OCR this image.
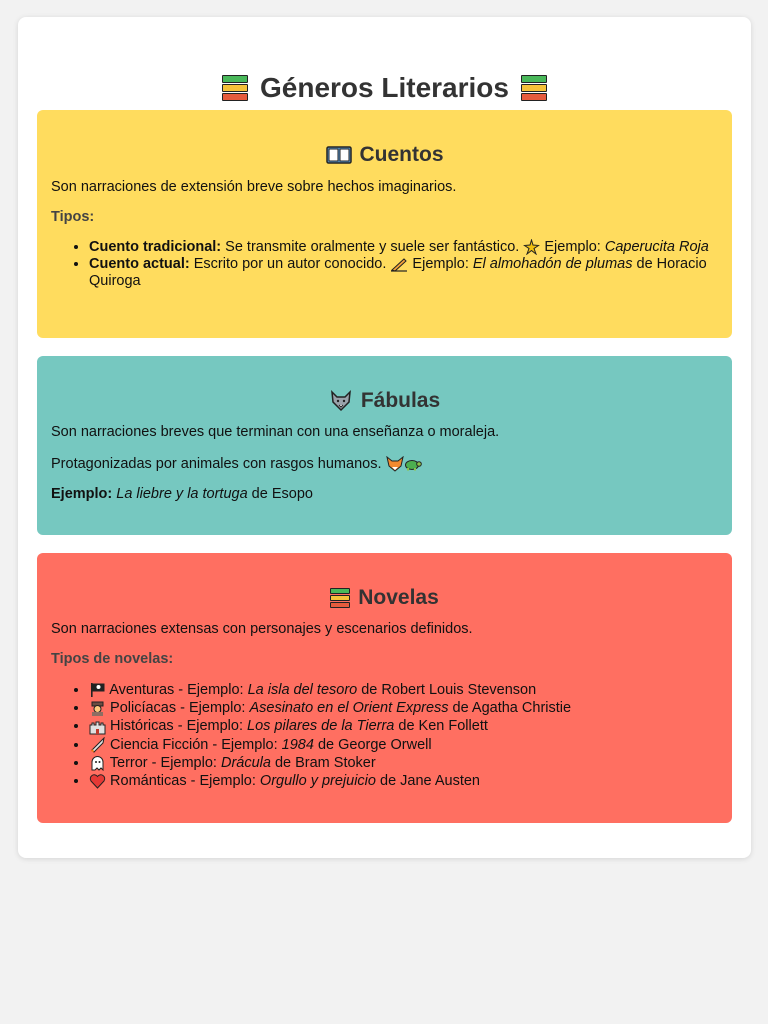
Géneros Literarios
Cuentos

Son narraciones de extensión breve sobre hechos imaginarios.

Tipos:

• Cuento tradicional: Se transmite oralmente y suele ser fantástico.  Ejemplo: Caperucita Roja
• Cuento actual: Escrito por un autor conocido.  Ejemplo: El almohadón de plumas de Horacio Quiroga
Fábulas

Son narraciones breves que terminan con una enseñanza o moraleja.

Protagonizadas por animales con rasgos humanos.

Ejemplo: La liebre y la tortuga de Esopo

Novelas

Son narraciones extensas con personajes y escenarios definidos.

Tipos de novelas:

• Aventuras - Ejemplo: La isla del tesoro de Robert Louis Stevenson
• Policíacas - Ejemplo: Asesinato en el Orient Express de Agatha Christie
• Históricas - Ejemplo: Los pilares de la Tierra de Ken Follett
• Ciencia Ficción - Ejemplo: 1984 de George Orwell
• Terror - Ejemplo: Drácula de Bram Stoker
• Románticas - Ejemplo: Orgullo y prejuicio de Jane Austen
